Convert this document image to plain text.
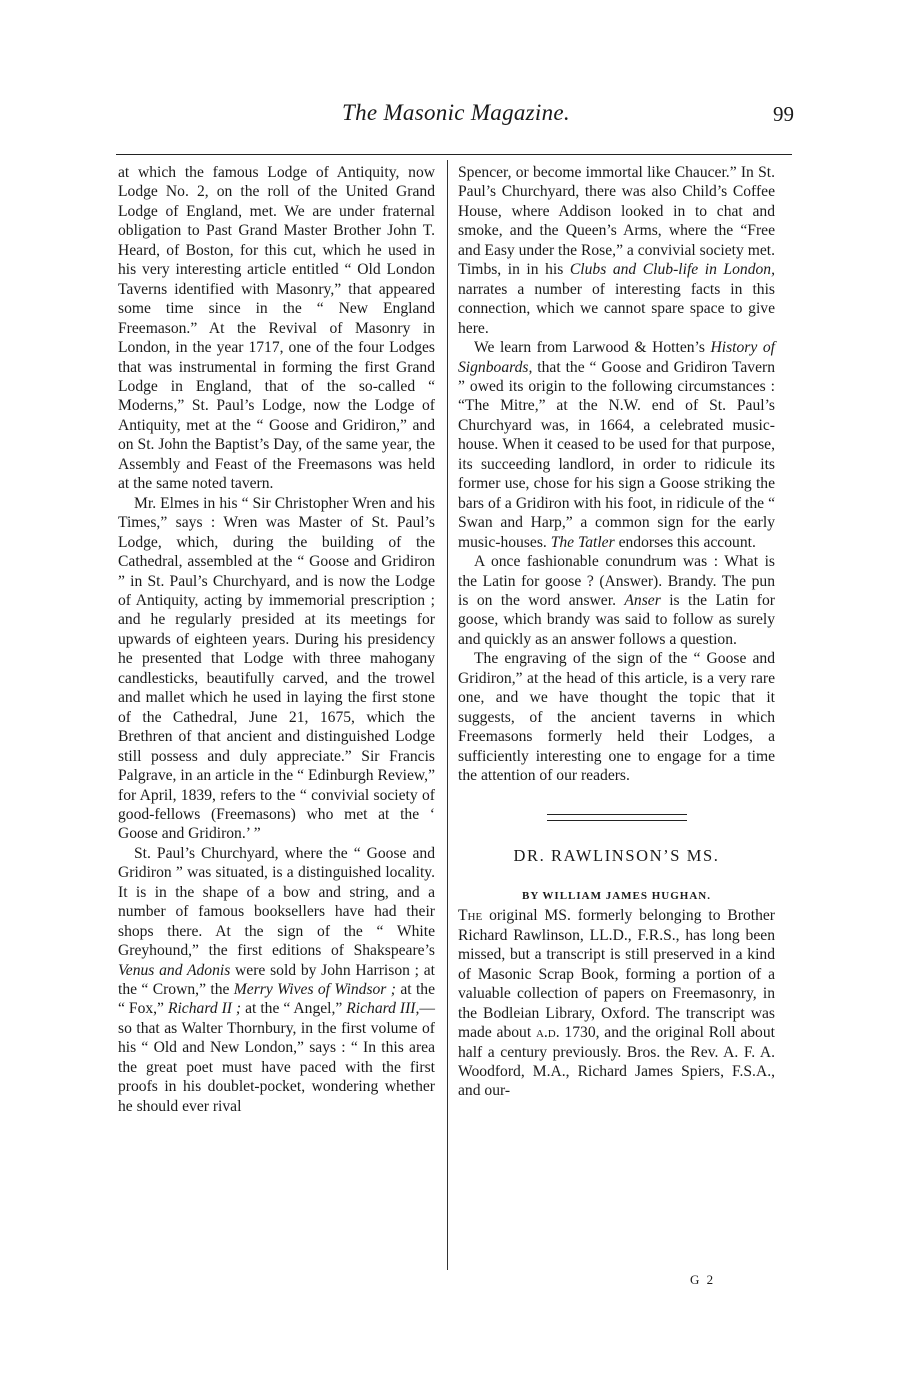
The Masonic Magazine.	99

at which the famous Lodge of Antiquity, now Lodge No. 2, on the roll of the United Grand Lodge of England, met. We are under fraternal obligation to Past Grand Master Brother John T. Heard, of Boston, for this cut, which he used in his very interesting article entitled “ Old London Taverns identified with Masonry,” that appeared some time since in the “ New England Freemason.” At the Revival of Masonry in London, in the year 1717, one of the four Lodges that was instrumental in forming the first Grand Lodge in England, that of the so-called “ Moderns,” St. Paul’s Lodge, now the Lodge of Antiquity, met at the “ Goose and Gridiron,” and on St. John the Baptist’s Day, of the same year, the Assembly and Feast of the Freemasons was held at the same noted tavern.

Mr. Elmes in his “ Sir Christopher Wren and his Times,” says : Wren was Master of St. Paul’s Lodge, which, during the building of the Cathedral, assembled at the “ Goose and Gridiron ” in St. Paul’s Churchyard, and is now the Lodge of Antiquity, acting by immemorial prescription ; and he regularly presided at its meetings for upwards of eighteen years. During his presidency he presented that Lodge with three mahogany candlesticks, beautifully carved, and the trowel and mallet which he used in laying the first stone of the Cathedral, June 21, 1675, which the Brethren of that ancient and distinguished Lodge still possess and duly appreciate.” Sir Francis Palgrave, in an article in the “ Edinburgh Review,” for April, 1839, refers to the “ convivial society of good-fellows (Freemasons) who met at the ‘ Goose and Gridiron.’ ”

St. Paul’s Churchyard, where the “ Goose and Gridiron ” was situated, is a distinguished locality. It is in the shape of a bow and string, and a number of famous booksellers have had their shops there. At the sign of the “ White Greyhound,” the first editions of Shakspeare’s Venus and Adonis were sold by John Harrison ; at the “ Crown,” the Merry Wives of Windsor ; at the “ Fox,” Richard II ; at the “ Angel,” Richard III,—so that as Walter Thornbury, in the first volume of his “ Old and New London,” says : “ In this area the great poet must have paced with the first proofs in his doublet-pocket, wondering whether he should ever rival

Spencer, or become immortal like Chaucer.” In St. Paul’s Churchyard, there was also Child’s Coffee House, where Addison looked in to chat and smoke, and the Queen’s Arms, where the “Free and Easy under the Rose,” a convivial society met. Timbs, in in his Clubs and Club-life in London, narrates a number of interesting facts in this connection, which we cannot spare space to give here.

We learn from Larwood & Hotten’s History of Signboards, that the “ Goose and Gridiron Tavern ” owed its origin to the following circumstances : “The Mitre,” at the N.W. end of St. Paul’s Churchyard was, in 1664, a celebrated music-house. When it ceased to be used for that purpose, its succeeding landlord, in order to ridicule its former use, chose for his sign a Goose striking the bars of a Gridiron with his foot, in ridicule of the “ Swan and Harp,” a common sign for the early music-houses. The Tatler endorses this account.

A once fashionable conundrum was : What is the Latin for goose ? (Answer). Brandy. The pun is on the word answer. Anser is the Latin for goose, which brandy was said to follow as surely and quickly as an answer follows a question.

The engraving of the sign of the “ Goose and Gridiron,” at the head of this article, is a very rare one, and we have thought the topic that it suggests, of the ancient taverns in which Freemasons formerly held their Lodges, a sufficiently interesting one to engage for a time the attention of our readers.

DR. RAWLINSON’S MS.
BY WILLIAM JAMES HUGHAN.

The original MS. formerly belonging to Brother Richard Rawlinson, LL.D., F.R.S., has long been missed, but a transcript is still preserved in a kind of Masonic Scrap Book, forming a portion of a valuable collection of papers on Freemasonry, in the Bodleian Library, Oxford. The transcript was made about a.d. 1730, and the original Roll about half a century previously. Bros. the Rev. A. F. A. Woodford, M.A., Richard James Spiers, F.S.A., and our-

G 2
